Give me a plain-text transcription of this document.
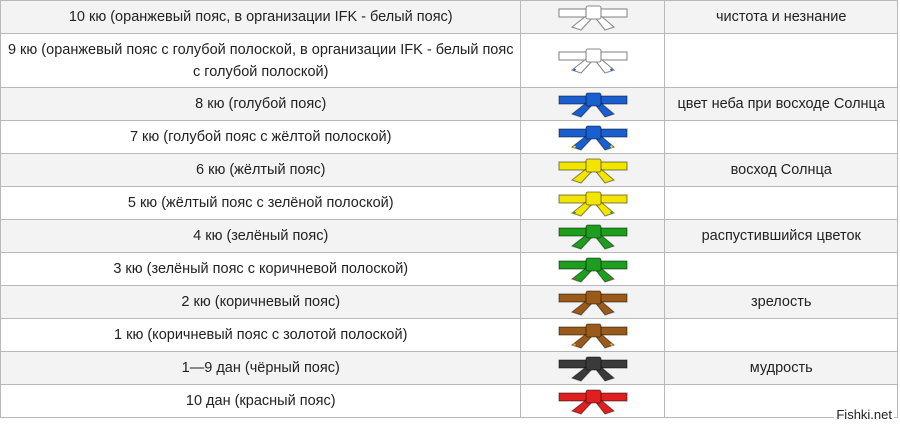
10 кю (оранжевый пояс, в организации IFK - белый пояс)		чистота и незнание
9 кю (оранжевый пояс с голубой полоской, в организации IFK - белый пояс с голубой полоской)	

8 кю (голубой пояс)		цвет неба при восходе Солнца
7 кю (голубой пояс с жёлтой полоской)	

6 кю (жёлтый пояс)		восход Солнца
5 кю (жёлтый пояс с зелёной полоской)	

4 кю (зелёный пояс)		распустившийся цветок
3 кю (зелёный пояс с коричневой полоской)	

2 кю (коричневый пояс)		зрелость
1 кю (коричневый пояс с золотой полоской)	

1—9 дан (чёрный пояс)		мудрость
10 дан (красный пояс)	

Fishki.net
